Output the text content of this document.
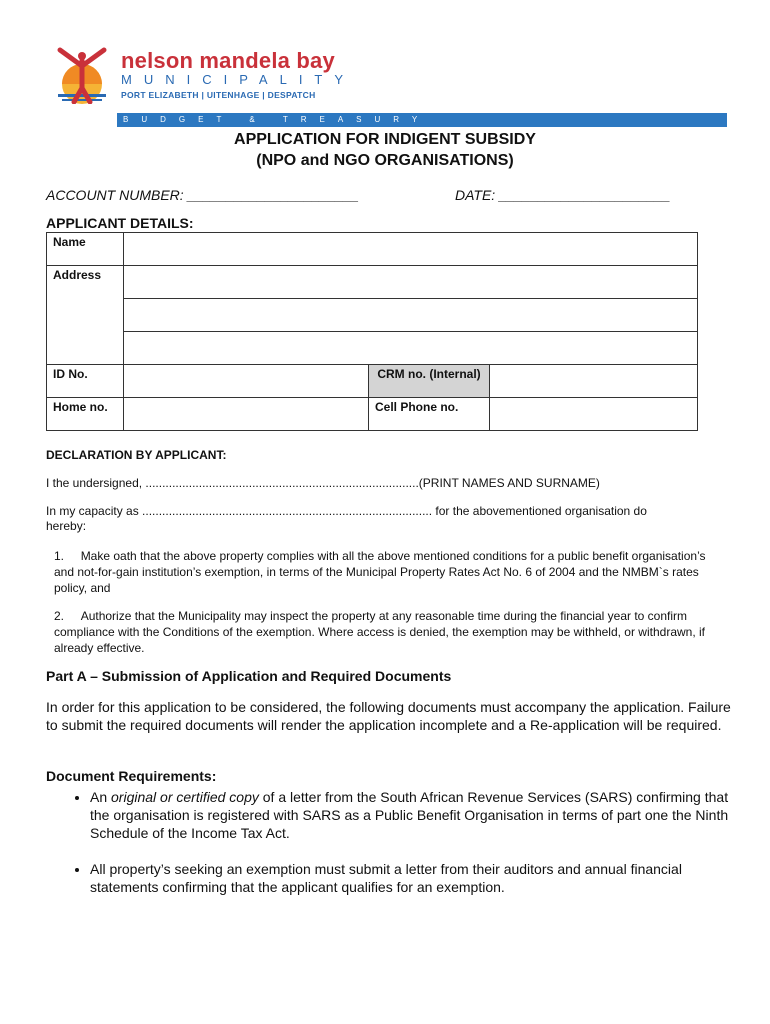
nelson mandela bay
MUNICIPALITY
PORT ELIZABETH | UITENHAGE | DESPATCH
BUDGET & TREASURY
APPLICATION FOR INDIGENT SUBSIDY
(NPO and NGO ORGANISATIONS)
ACCOUNT NUMBER: ______________________	DATE: ______________________
APPLICANT DETAILS:
Name			
Address			

ID No.		CRM no. (Internal)	
Home no.		Cell Phone no.	
DECLARATION BY APPLICANT:
I the undersigned, ..................................................................................(PRINT NAMES AND SURNAME)
In my capacity as ....................................................................................... for the abovementioned organisation do hereby:
1. Make oath that the above property complies with all the above mentioned conditions for a public benefit organisation’s and not-for-gain institution’s exemption, in terms of the Municipal Property Rates Act No. 6 of 2004 and the NMBM`s rates policy, and
2. Authorize that the Municipality may inspect the property at any reasonable time during the financial year to confirm compliance with the Conditions of the exemption. Where access is denied, the exemption may be withheld, or withdrawn, if already effective.
Part A – Submission of Application and Required Documents
In order for this application to be considered, the following documents must accompany the application. Failure to submit the required documents will render the application incomplete and a Re-application will be required.
Document Requirements:
• An original or certified copy of a letter from the South African Revenue Services (SARS) confirming that the organisation is registered with SARS as a Public Benefit Organisation in terms of part one the Ninth Schedule of the Income Tax Act.
• All property’s seeking an exemption must submit a letter from their auditors and annual financial statements confirming that the applicant qualifies for an exemption.
